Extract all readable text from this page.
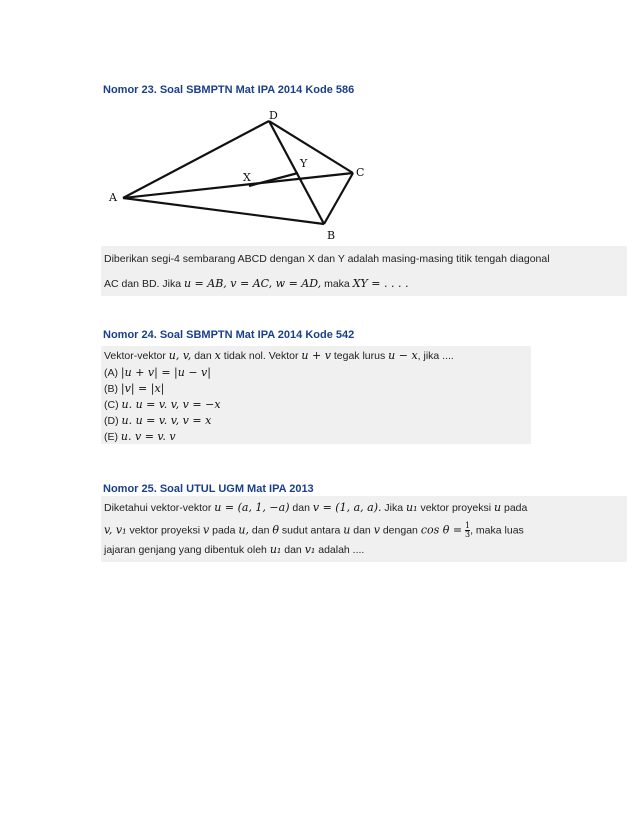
Nomor 23. Soal SBMPTN Mat IPA 2014 Kode 586
A
B
C
D
X
Y
Diberikan segi-4 sembarang ABCD dengan X dan Y adalah masing-masing titik tengah diagonal
AC dan BD. Jika u = AB, v = AC, w = AD, maka XY = . . . .
Nomor 24. Soal SBMPTN Mat IPA 2014 Kode 542
Vektor-vektor u, v, dan x tidak nol. Vektor u + v tegak lurus u − x, jika ....
(A) |u + v| = |u − v|
(B) |v| = |x|
(C) u. u = v. v, v = −x
(D) u. u = v. v, v = x
(E) u. v = v. v
Nomor 25. Soal UTUL UGM Mat IPA 2013
Diketahui vektor-vektor u = (a, 1, −a) dan v = (1, a, a). Jika u₁ vektor proyeksi u pada
v, v₁ vektor proyeksi v pada u, dan θ sudut antara u dan v dengan $\cos \theta = \frac{1}{3}$ , maka luas
jajaran genjang yang dibentuk oleh u₁ dan v₁ adalah ....
